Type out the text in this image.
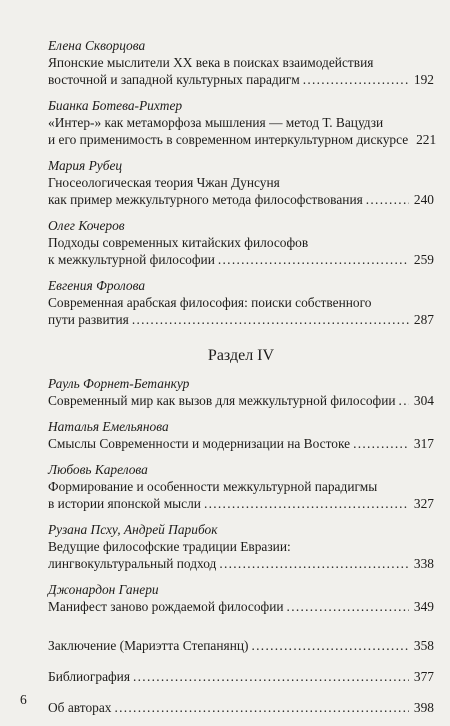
Елена Скворцова
Японские мыслители XX века в поисках взаимодействия
восточной и западной культурных парадигм .....	192
Бианка Ботева-Рихтер
«Интер-» как метаморфоза мышления — метод Т. Вацудзи
и его применимость в современном интеркультурном дискурсе 221
Мария Рубец
Гносеологическая теория Чжан Дунсуня
как пример межкультурного метода философствования .....	240
Олег Кочеров
Подходы современных китайских философов
к межкультурной философии .....	259
Евгения Фролова
Современная арабская философия: поиски собственного
пути развития .....	287
Раздел IV
Рауль Форнет-Бетанкур
Современный мир как вызов для межкультурной философии ..... 304
Наталья Емельянова
Смыслы Современности и модернизации на Востоке .....	317
Любовь Карелова
Формирование и особенности межкультурной парадигмы
в истории японской мысли .....	327
Рузана Псху, Андрей Парибок
Ведущие философские традиции Евразии:
лингвокультуральный подход .....	338
Джонардон Ганери
Манифест заново рождаемой философии .....	349
Заключение (Мариэтта Степанянц) .....	358
Библиография .....	377
Об авторах .....	398
6
